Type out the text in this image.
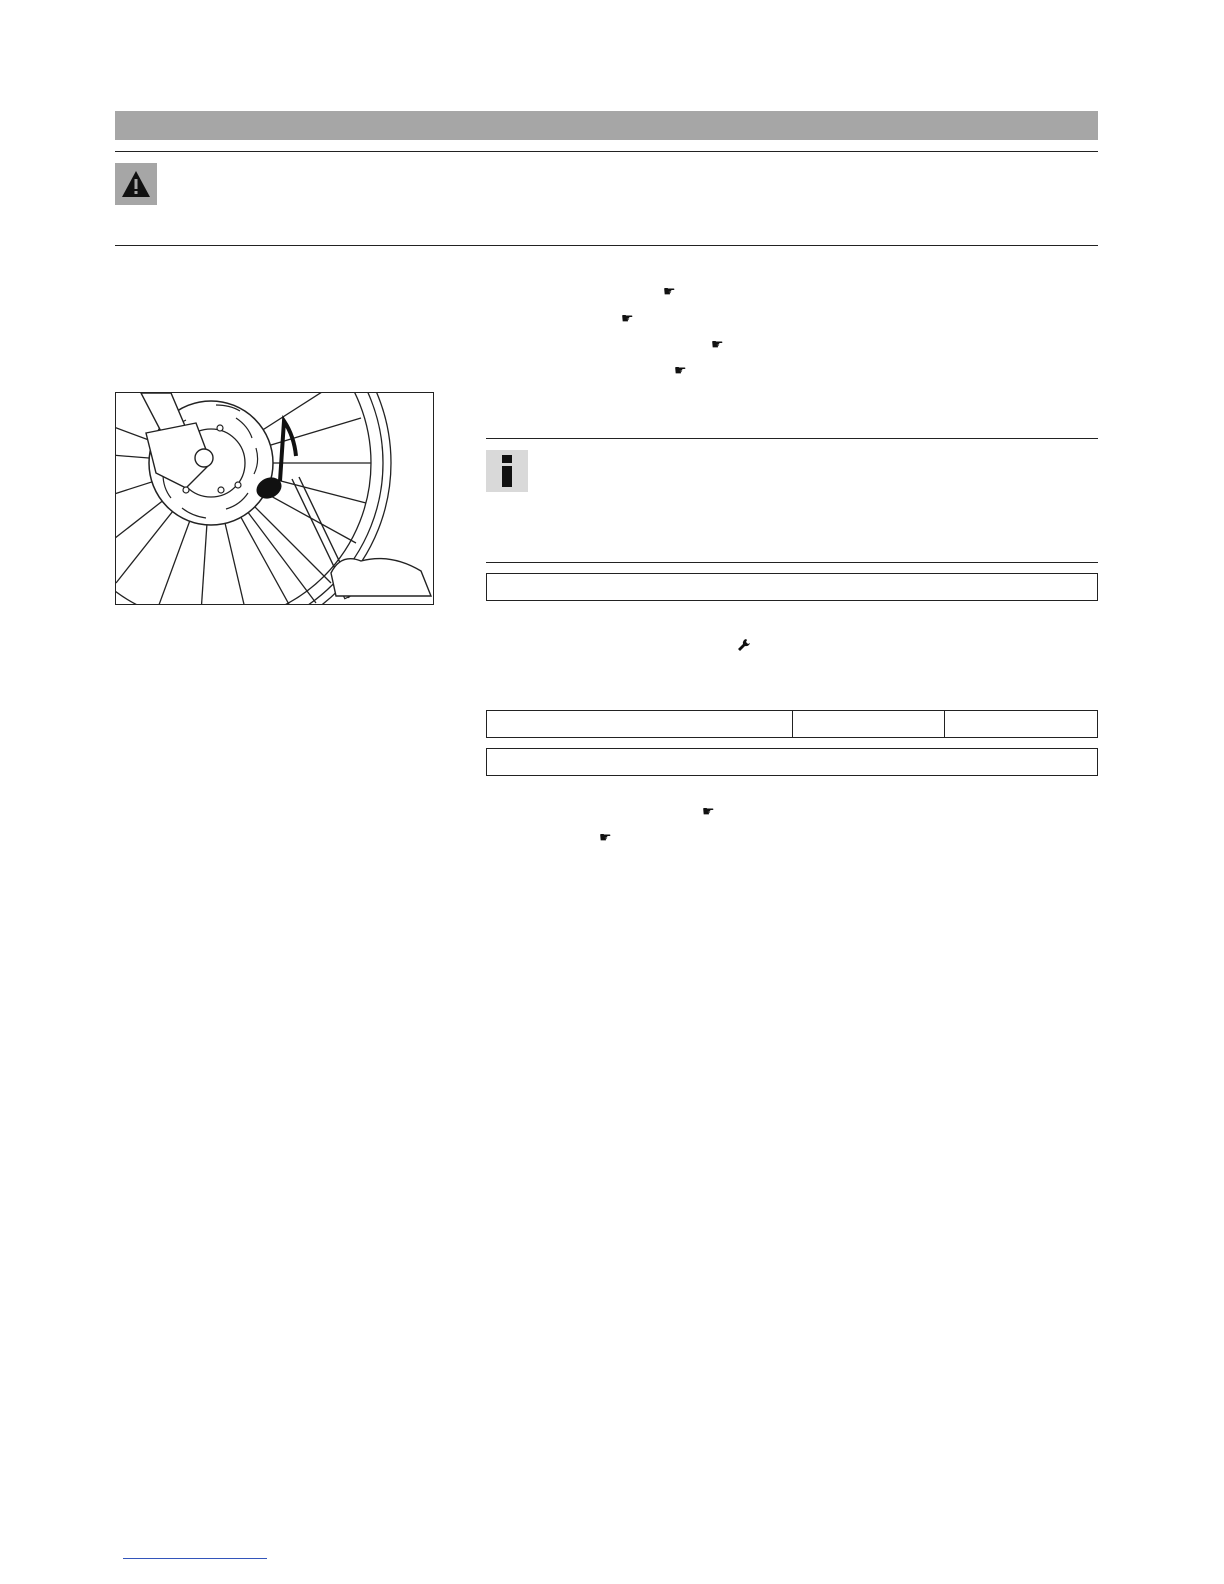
☛
☛
☛
☛
☛
☛
